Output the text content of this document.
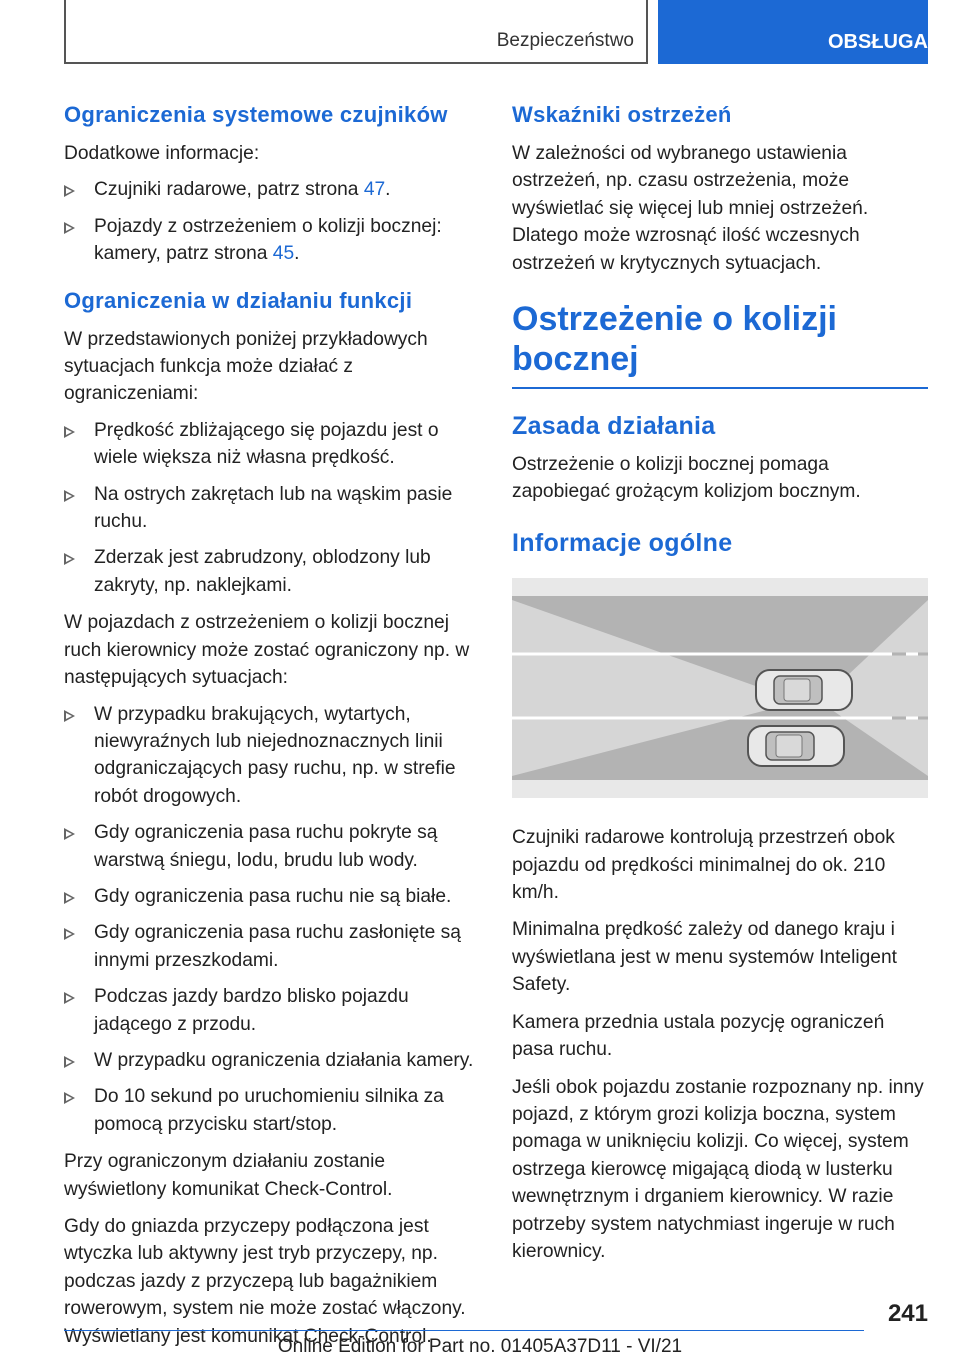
Bezpieczeństwo	OBSŁUGA
Ograniczenia systemowe czujników

Dodatkowe informacje:

Czujniki radarowe, patrz strona 47.
Pojazdy z ostrzeżeniem o kolizji bocznej: kamery, patrz strona 45.
Ograniczenia w działaniu funkcji

W przedstawionych poniżej przykładowych sytuacjach funkcja może działać z ograniczeniami:

Prędkość zbliżającego się pojazdu jest o wiele większa niż własna prędkość.
Na ostrych zakrętach lub na wąskim pasie ruchu.
Zderzak jest zabrudzony, oblodzony lub zakryty, np. naklejkami.

W pojazdach z ostrzeżeniem o kolizji bocznej ruch kierownicy może zostać ograniczony np. w następujących sytuacjach:

W przypadku brakujących, wytartych, niewyraźnych lub niejednoznacznych linii odgraniczających pasy ruchu, np. w strefie robót drogowych.
Gdy ograniczenia pasa ruchu pokryte są warstwą śniegu, lodu, brudu lub wody.
Gdy ograniczenia pasa ruchu nie są białe.
Gdy ograniczenia pasa ruchu zasłonięte są innymi przeszkodami.
Podczas jazdy bardzo blisko pojazdu jadącego z przodu.
W przypadku ograniczenia działania kamery.
Do 10 sekund po uruchomieniu silnika za pomocą przycisku start/stop.

Przy ograniczonym działaniu zostanie wyświetlony komunikat Check-Control.

Gdy do gniazda przyczepy podłączona jest wtyczka lub aktywny jest tryb przyczepy, np. podczas jazdy z przyczepą lub bagażnikiem rowerowym, system nie może zostać włączony. Wyświetlany jest komunikat Check-Control.

Wskaźniki ostrzeżeń

W zależności od wybranego ustawienia ostrzeżeń, np. czasu ostrzeżenia, może wyświetlać się więcej lub mniej ostrzeżeń. Dlatego może wzrosnąć ilość wczesnych ostrzeżeń w krytycznych sytuacjach.

Ostrzeżenie o kolizji bocznej
Zasada działania

Ostrzeżenie o kolizji bocznej pomaga zapobiegać grożącym kolizjom bocznym.

Informacje ogólne

Czujniki radarowe kontrolują przestrzeń obok pojazdu od prędkości minimalnej do ok. 210 km/h.

Minimalna prędkość zależy od danego kraju i wyświetlana jest w menu systemów Inteligent Safety.

Kamera przednia ustala pozycję ograniczeń pasa ruchu.

Jeśli obok pojazdu zostanie rozpoznany np. inny pojazd, z którym grozi kolizja boczna, system pomaga w uniknięciu kolizji. Co więcej, system ostrzega kierowcę migającą diodą w lusterku wewnętrznym i drganiem kierownicy. W razie potrzeby system natychmiast ingeruje w ruch kierownicy.

241
Online Edition for Part no. 01405A37D11 - VI/21
